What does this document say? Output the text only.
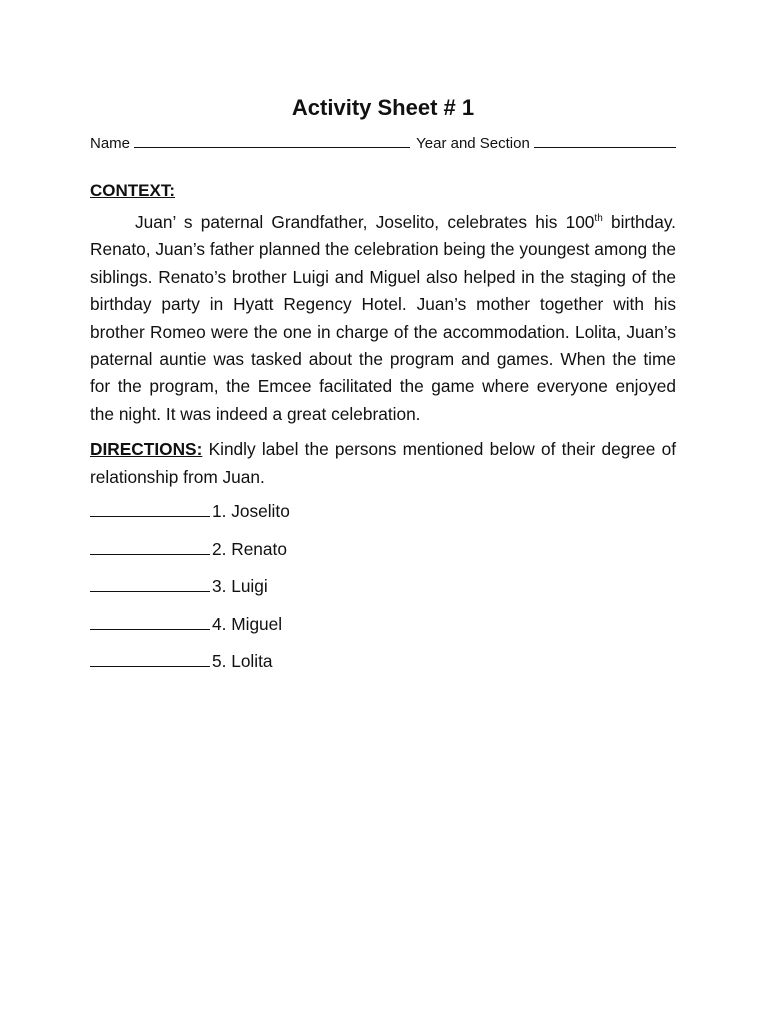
Activity Sheet # 1
Name	Year and Section
CONTEXT:

Juan’ s paternal Grandfather, Joselito, celebrates his 100th birthday. Renato, Juan’s father planned the celebration being the youngest among the siblings. Renato’s brother Luigi and Miguel also helped in the staging of the birthday party in Hyatt Regency Hotel. Juan’s mother together with his brother Romeo were the one in charge of the accommodation. Lolita, Juan’s paternal auntie was tasked about the program and games. When the time for the program, the Emcee facilitated the game where everyone enjoyed the night. It was indeed a great celebration.

DIRECTIONS: Kindly label the persons mentioned below of their degree of relationship from Juan.

1. Joselito
2. Renato
3. Luigi
4. Miguel
5. Lolita
